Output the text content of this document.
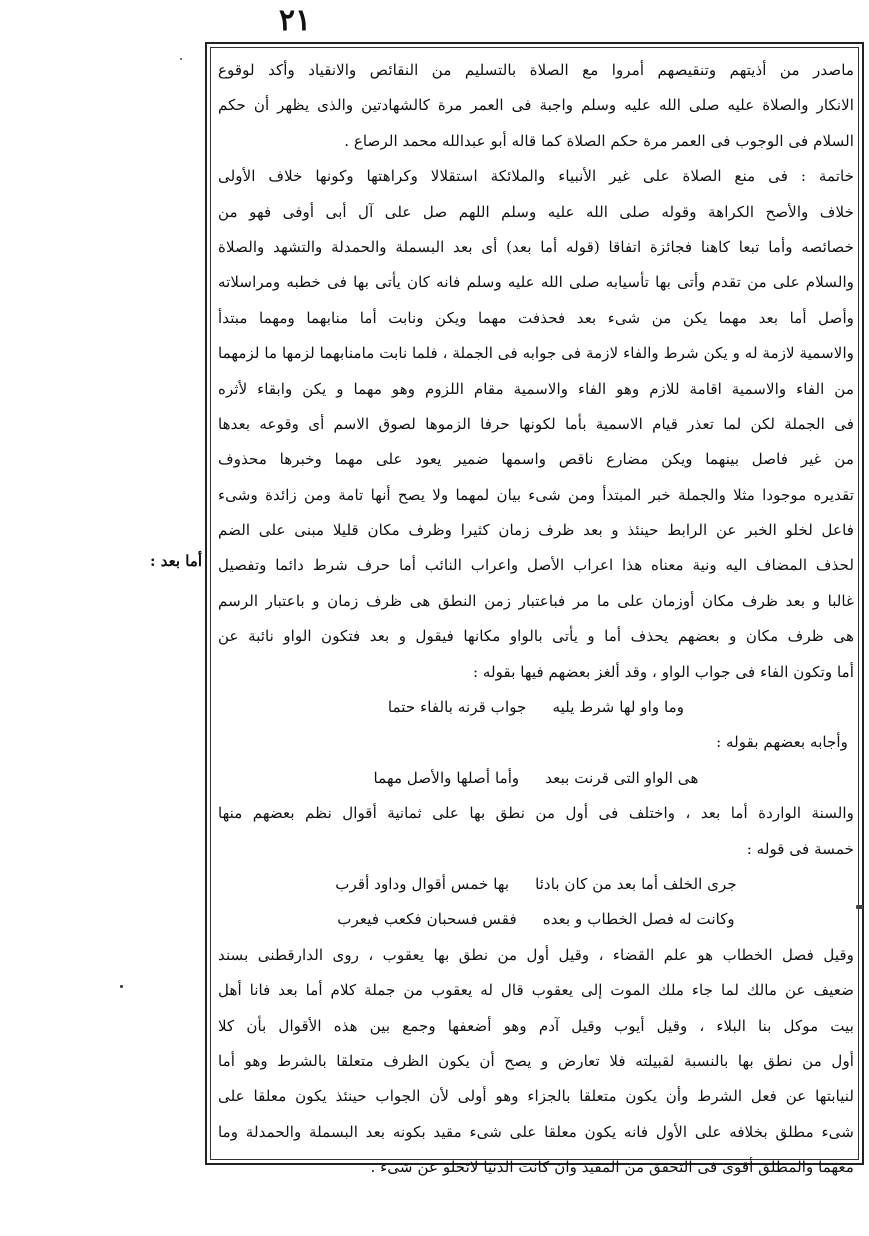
٢١
أما بعد :
ماصدر من أذيتهم وتنقيصهم أمروا مع الصلاة بالتسليم من النقائص والانقياد وأكد لوقوع
الانكار والصلاة عليه صلى الله عليه وسلم واجبة فى العمر مرة كالشهادتين والذى يظهر أن حكم
السلام فى الوجوب فى العمر مرة حكم الصلاة كما قاله أبو عبدالله محمد الرصاع .
خاتمة : فى منع الصلاة على غير الأنبياء والملائكة استقلالا وكراهتها وكونها خلاف الأولى
خلاف والأصح الكراهة وقوله صلى الله عليه وسلم اللهم صل على آل أبى أوفى فهو من
خصائصه وأما تبعا كاهنا فجائزة اتفاقا (قوله أما بعد) أى بعد البسملة والحمدلة والتشهد والصلاة
والسلام على من تقدم وأتى بها تأسيابه صلى الله عليه وسلم فانه كان يأتى بها فى خطبه ومراسلاته
وأصل أما بعد مهما يكن من شىء بعد فحذفت مهما ويكن ونابت أما منابهما ومهما مبتدأ
والاسمية لازمة له و يكن شرط والفاء لازمة فى جوابه فى الجملة ، فلما نابت مامنابهما لزمها ما لزمهما
من الفاء والاسمية اقامة للازم وهو الفاء والاسمية مقام اللزوم وهو مهما و يكن وابقاء لأثره
فى الجملة لكن لما تعذر قيام الاسمية بأما لكونها حرفا الزموها لصوق الاسم أى وقوعه بعدها
من غير فاصل بينهما ويكن مضارع ناقص واسمها ضمير يعود على مهما وخبرها محذوف
تقديره موجودا مثلا والجملة خبر المبتدأ ومن شىء بيان لمهما ولا يصح أنها تامة ومن زائدة وشىء
فاعل لخلو الخبر عن الرابط حينئذ و بعد ظرف زمان كثيرا وظرف مكان قليلا مبنى على الضم
لحذف المضاف اليه ونية معناه هذا اعراب الأصل واعراب النائب أما حرف شرط دائما وتفصيل
غالبا و بعد ظرف مكان أوزمان على ما مر فباعتبار زمن النطق هى ظرف زمان و باعتبار الرسم
هى ظرف مكان و بعضهم يحذف أما و يأتى بالواو مكانها فيقول و بعد فتكون الواو نائبة عن
أما وتكون الفاء فى جواب الواو ، وقد ألغز بعضهم فيها بقوله :
وما واو لها شرط يليه
جواب قرنه بالفاء حتما
وأجابه بعضهم بقوله :
هى الواو التى قرنت ببعد
وأما أصلها والأصل مهما
والسنة الواردة أما بعد ، واختلف فى أول من نطق بها على ثمانية أقوال نظم بعضهم منها
خمسة فى قوله :
جرى الخلف أما بعد من كان بادئا
بها خمس أقوال وداود أقرب
وكانت له فصل الخطاب و بعده
فقس فسحبان فكعب فيعرب
وقيل فصل الخطاب هو علم القضاء ، وقيل أول من نطق بها يعقوب ، روى الدارقطنى بسند
ضعيف عن مالك لما جاء ملك الموت إلى يعقوب قال له يعقوب من جملة كلام أما بعد فانا أهل
بيت موكل بنا البلاء ، وقيل أيوب وقيل آدم وهو أضعفها وجمع بين هذه الأقوال بأن كلا
أول من نطق بها بالنسبة لقبيلته فلا تعارض و يصح أن يكون الظرف متعلقا بالشرط وهو أما
لنيابتها عن فعل الشرط وأن يكون متعلقا بالجزاء وهو أولى لأن الجواب حينئذ يكون معلقا على
شىء مطلق بخلافه على الأول فانه يكون معلقا على شىء مقيد بكونه بعد البسملة والحمدلة وما
معهما والمطلق أقوى فى التحقق من المقيد وان كانت الدنيا لاتخلو عن شىء .
